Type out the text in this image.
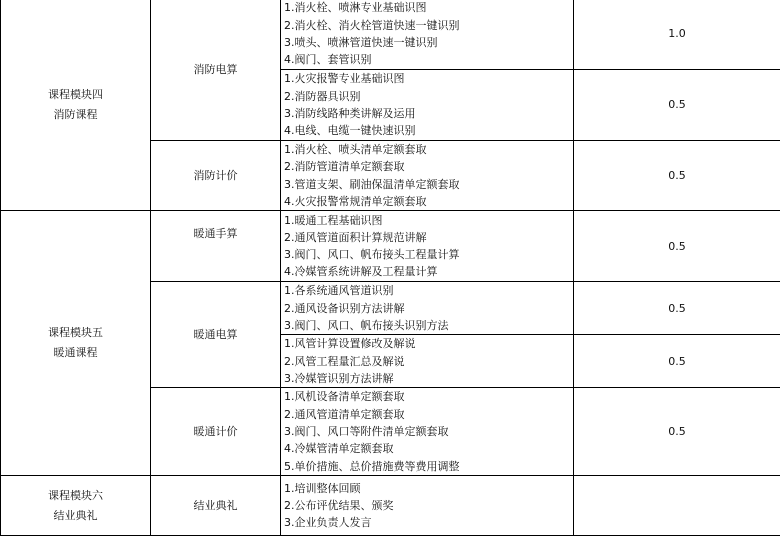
课程模块四
消防课程	消防电算	1.消火栓、喷淋专业基础识图
2.消火栓、消火栓管道快速一键识别
3.喷头、喷淋管道快速一键识别
4.阀门、套管识别	1.0

		1.火灾报警专业基础识图
2.消防器具识别
3.消防线路种类讲解及运用
4.电线、电缆一键快速识别	0.5
	消防计价	1.消火栓、喷头清单定额套取
2.消防管道清单定额套取
3.管道支架、刷油保温清单定额套取
4.火灾报警常规清单定额套取	0.5

课程模块五
暖通课程	暖通手算	1.暖通工程基础识图
2.通风管道面积计算规范讲解
3.阀门、风口、帆布接头工程量计算
4.冷媒管系统讲解及工程量计算	0.5
	暖通电算	1.各系统通风管道识别
2.通风设备识别方法讲解
3.阀门、风口、帆布接头识别方法	0.5

		1.风管计算设置修改及解说
2.风管工程量汇总及解说
3.冷媒管识别方法讲解	0.5
	暖通计价	1.风机设备清单定额套取
2.通风管道清单定额套取
3.阀门、风口等附件清单定额套取
4.冷媒管清单定额套取
5.单价措施、总价措施费等费用调整	0.5

课程模块六
结业典礼	结业典礼	1.培训整体回顾
2.公布评优结果、颁奖
3.企业负责人发言	
